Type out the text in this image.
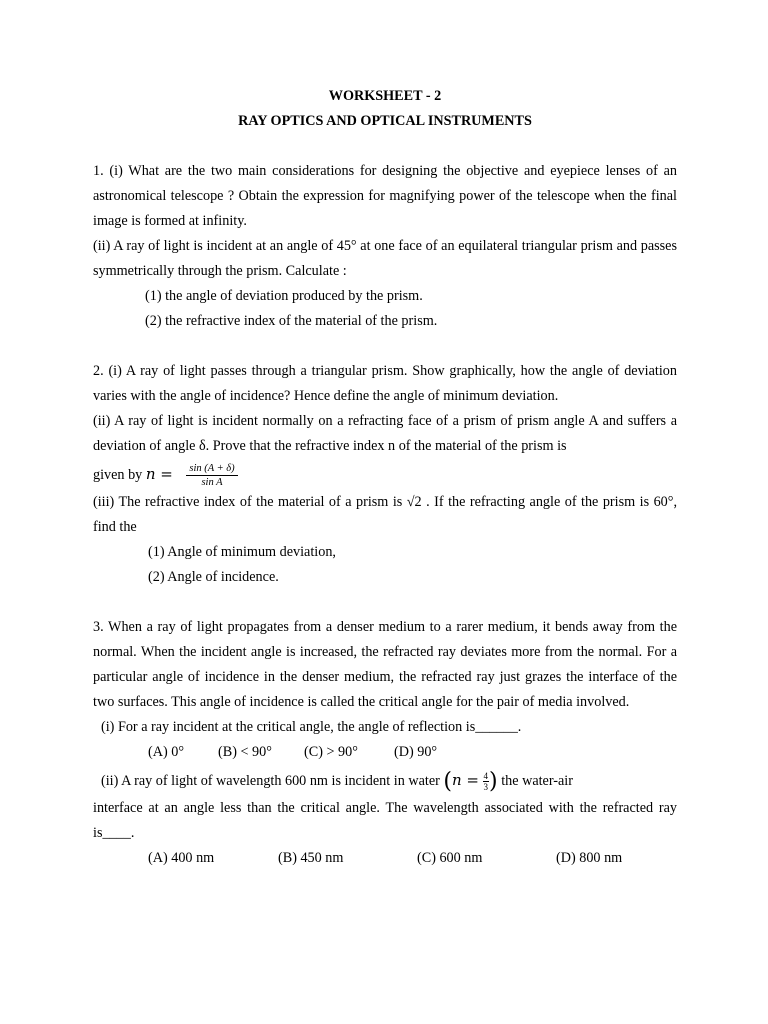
WORKSHEET - 2

RAY OPTICS AND OPTICAL INSTRUMENTS

1. (i) What are the two main considerations for designing the objective and eyepiece lenses of an astronomical telescope ? Obtain the expression for magnifying power of the telescope when the final image is formed at infinity.

(ii) A ray of light is incident at an angle of 45° at one face of an equilateral triangular prism and passes symmetrically through the prism. Calculate :

(1) the angle of deviation produced by the prism.

(2) the refractive index of the material of the prism.

2. (i) A ray of light passes through a triangular prism. Show graphically, how the angle of deviation varies with the angle of incidence? Hence define the angle of minimum deviation.

(ii) A ray of light is incident normally on a refracting face of a prism of prism angle A and suffers a deviation of angle δ. Prove that the refractive index n of the material of the prism is

given by $n = \frac{\sin (A + \delta)}{\text{sin A}}$

(iii) The refractive index of the material of a prism is √2 . If the refracting angle of the prism is 60°, find the

(1) Angle of minimum deviation,

(2) Angle of incidence.

3. When a ray of light propagates from a denser medium to a rarer medium, it bends away from the normal. When the incident angle is increased, the refracted ray deviates more from the normal. For a particular angle of incidence in the denser medium, the refracted ray just grazes the interface of the two surfaces. This angle of incidence is called the critical angle for the pair of media involved.

(i) For a ray incident at the critical angle, the angle of reflection is______.

(A) 0° (B) < 90° (C) > 90°	(D) 90°

(ii) A ray of light of wavelength 600 nm is incident in water $(n = \frac{4}{3})$ the water-air

interface at an angle less than the critical angle. The wavelength associated with the refracted ray is____.

(A) 400 nm	(B) 450 nm	(C) 600 nm	(D) 800 nm
